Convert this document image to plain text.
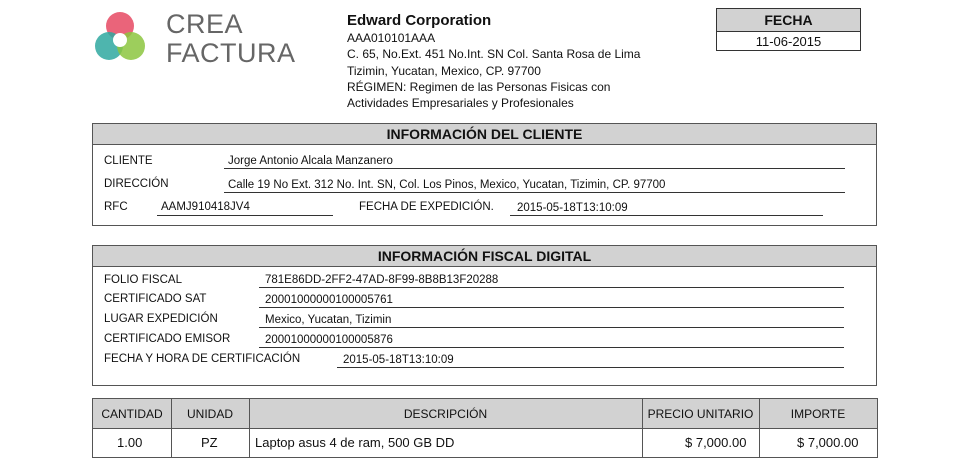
CREA
FACTURA
Edward Corporation
AAA010101AAA
C. 65, No.Ext. 451 No.Int. SN Col. Santa Rosa de Lima
Tizimin, Yucatan, Mexico, CP. 97700
RÉGIMEN: Regimen de las Personas Fisicas con
Actividades Empresariales y Profesionales
FECHA
11-06-2015
INFORMACIÓN DEL CLIENTE
CLIENTE	Jorge Antonio Alcala Manzanero
DIRECCIÓN	Calle 19 No Ext. 312 No. Int. SN, Col. Los Pinos, Mexico, Yucatan, Tizimin, CP. 97700
RFC	AAMJ910418JV4	FECHA DE EXPEDICIÓN. 2015-05-18T13:10:09
INFORMACIÓN FISCAL DIGITAL
FOLIO FISCAL	781E86DD-2FF2-47AD-8F99-8B8B13F20288
CERTIFICADO SAT	20001000000100005761
LUGAR EXPEDICIÓN	Mexico, Yucatan, Tizimin
CERTIFICADO EMISOR	20001000000100005876
FECHA Y HORA DE CERTIFICACIÓN	2015-05-18T13:10:09
CANTIDAD	UNIDAD	DESCRIPCIÓN	PRECIO UNITARIO	IMPORTE
1.00	PZ	Laptop asus 4 de ram, 500 GB DD	$ 7,000.00	$ 7,000.00
